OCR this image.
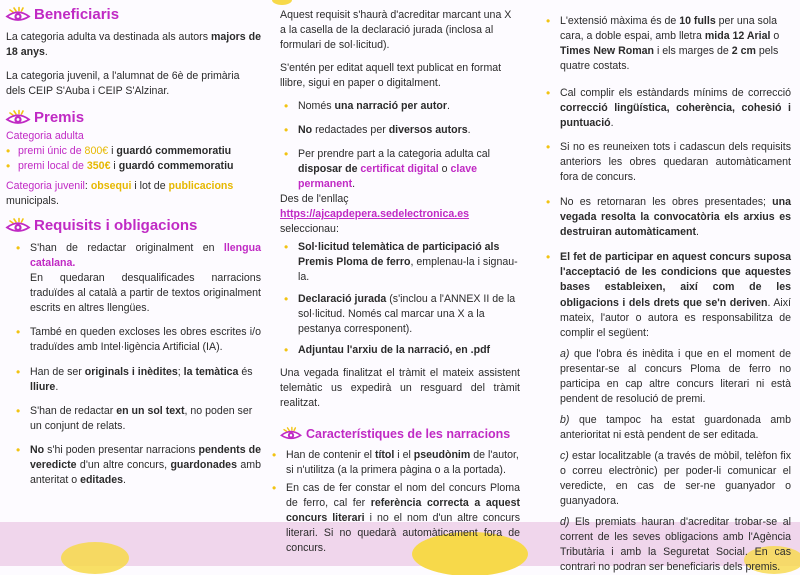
Beneficiaris

La categoria adulta va destinada als autors majors de 18 anys.

La categoria juvenil, a l'alumnat de 6è de primària dels CEIP S'Auba i CEIP S'Alzinar.

Premis

Categoria adulta

• premi únic de 800€ i guardó commemoratiu
• premi local de 350€ i guardó commemoratiu

Categoria juvenil: obsequi i lot de publicacions municipals.

Requisits i obligacions
• S'han de redactar originalment en llengua catalana.
En quedaran desqualificades narracions traduïdes al català a partir de textos originalment escrits en altres llengües.
• També en queden excloses les obres escrites i/o traduïdes amb Intel·ligència Artificial (IA).
• Han de ser originals i inèdites; la temàtica és lliure.
• S'han de redactar en un sol text, no poden ser un conjunt de relats.
• No s'hi poden presentar narracions pendents de veredicte d'un altre concurs, guardonades amb anteritat o editades.

Aquest requisit s'haurà d'acreditar marcant una X a la casella de la declaració jurada (inclosa al formulari de sol·licitud).

S'entén per editat aquell text publicat en format llibre, sigui en paper o digitalment.

• Només una narració per autor.
• No redactades per diversos autors.
• Per prendre part a la categoria adulta cal disposar de certificat digital o clave permanent.

Des de l'enllaç https://ajcapdepera.sedelectronica.es seleccionau:

• Sol·licitud telemàtica de participació als Premis Ploma de ferro, emplenau-la i signau-la.
• Declaració jurada (s'inclou a l'ANNEX II de la sol·licitud. Només cal marcar una X a la pestanya corresponent).
• Adjuntau l'arxiu de la narració, en .pdf

Una vegada finalitzat el tràmit el mateix assistent telemàtic us expedirà un resguard del tràmit realitzat.

Característiques de les narracions
• Han de contenir el títol i el pseudònim de l'autor, si n'utilitza (a la primera pàgina o a la portada).
• En cas de fer constar el nom del concurs Ploma de ferro, cal fer referència correcta a aquest concurs literari i no el nom d'un altre concurs literari. Si no quedarà automàticament fora de concurs.
• L'extensió màxima és de 10 fulls per una sola cara, a doble espai, amb lletra mida 12 Arial o Times New Roman i els marges de 2 cm pels quatre costats.
• Cal complir els estàndards mínims de correcció correcció lingüística, coherència, cohesió i puntuació.
• Si no es reuneixen tots i cadascun dels requisits anteriors les obres quedaran automàticament fora de concurs.
• No es retornaran les obres presentades; una vegada resolta la convocatòria els arxius es destruiran automàticament.
• El fet de participar en aquest concurs suposa l'acceptació de les condicions que aquestes bases estableixen, així com de les obligacions i dels drets que se'n deriven. Així mateix, l'autor o autora es responsabilitza de complir el següent:

a) que l'obra és inèdita i que en el moment de presentar-se al concurs Ploma de ferro no participa en cap altre concurs literari ni està pendent de resolució de premi.

b) que tampoc ha estat guardonada amb anterioritat ni està pendent de ser editada.

c) estar localitzable (a través de mòbil, telèfon fix o correu electrònic) per poder-li comunicar el veredicte, en cas de ser-ne guanyador o guanyadora.

d) Els premiats hauran d'acreditar trobar-se al corrent de les seves obligacions amb l'Agència Tributària i amb la Seguretat Social. En cas contrari no podran ser beneficiaris dels premis.
